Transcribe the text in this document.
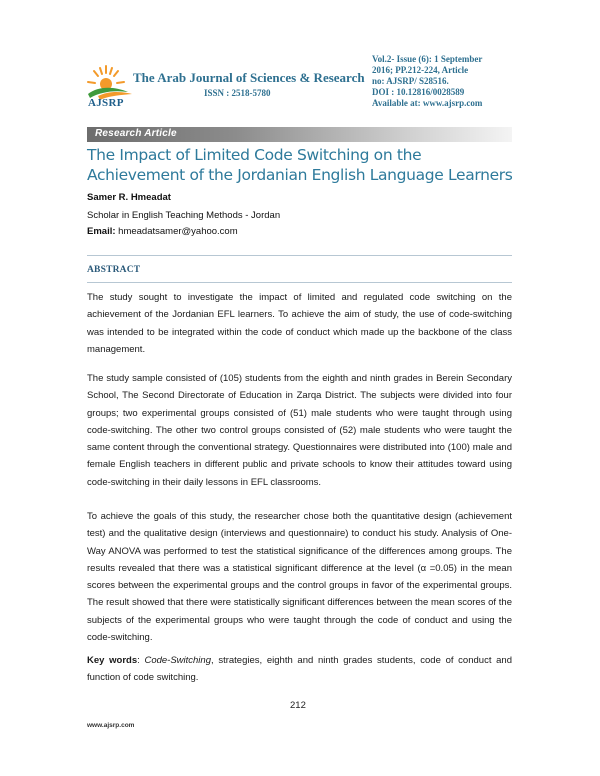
AJSRP
The Arab Journal of Sciences & Research
ISSN : 2518-5780
Vol.2- Issue (6): 1 September
2016; PP.212-224, Article
no: AJSRP/ S28516.
DOI : 10.12816/0028589
Available at: www.ajsrp.com
Research Article
The Impact of Limited Code Switching on the Achievement of the Jordanian English Language Learners
Samer R. Hmeadat
Scholar in English Teaching Methods - Jordan
Email: hmeadatsamer@yahoo.com
ABSTRACT
The study sought to investigate the impact of limited and regulated code switching on the achievement of the Jordanian EFL learners. To achieve the aim of study, the use of code-switching was intended to be integrated within the code of conduct which made up the backbone of the class management.
The study sample consisted of (105) students from the eighth and ninth grades in Berein Secondary School, The Second Directorate of Education in Zarqa District. The subjects were divided into four groups; two experimental groups consisted of (51) male students who were taught through using code-switching. The other two control groups consisted of (52) male students who were taught the same content through the conventional strategy. Questionnaires were distributed into (100) male and female English teachers in different public and private schools to know their attitudes toward using code-switching in their daily lessons in EFL classrooms.
To achieve the goals of this study, the researcher chose both the quantitative design (achievement test) and the qualitative design (interviews and questionnaire) to conduct his study. Analysis of One-Way ANOVA was performed to test the statistical significance of the differences among groups. The results revealed that there was a statistical significant difference at the level (α =0.05) in the mean scores between the experimental groups and the control groups in favor of the experimental groups. The result showed that there were statistically significant differences between the mean scores of the subjects of the experimental groups who were taught through the code of conduct and using the code-switching.
Key words: Code-Switching, strategies, eighth and ninth grades students, code of conduct and function of code switching.
212
www.ajsrp.com
